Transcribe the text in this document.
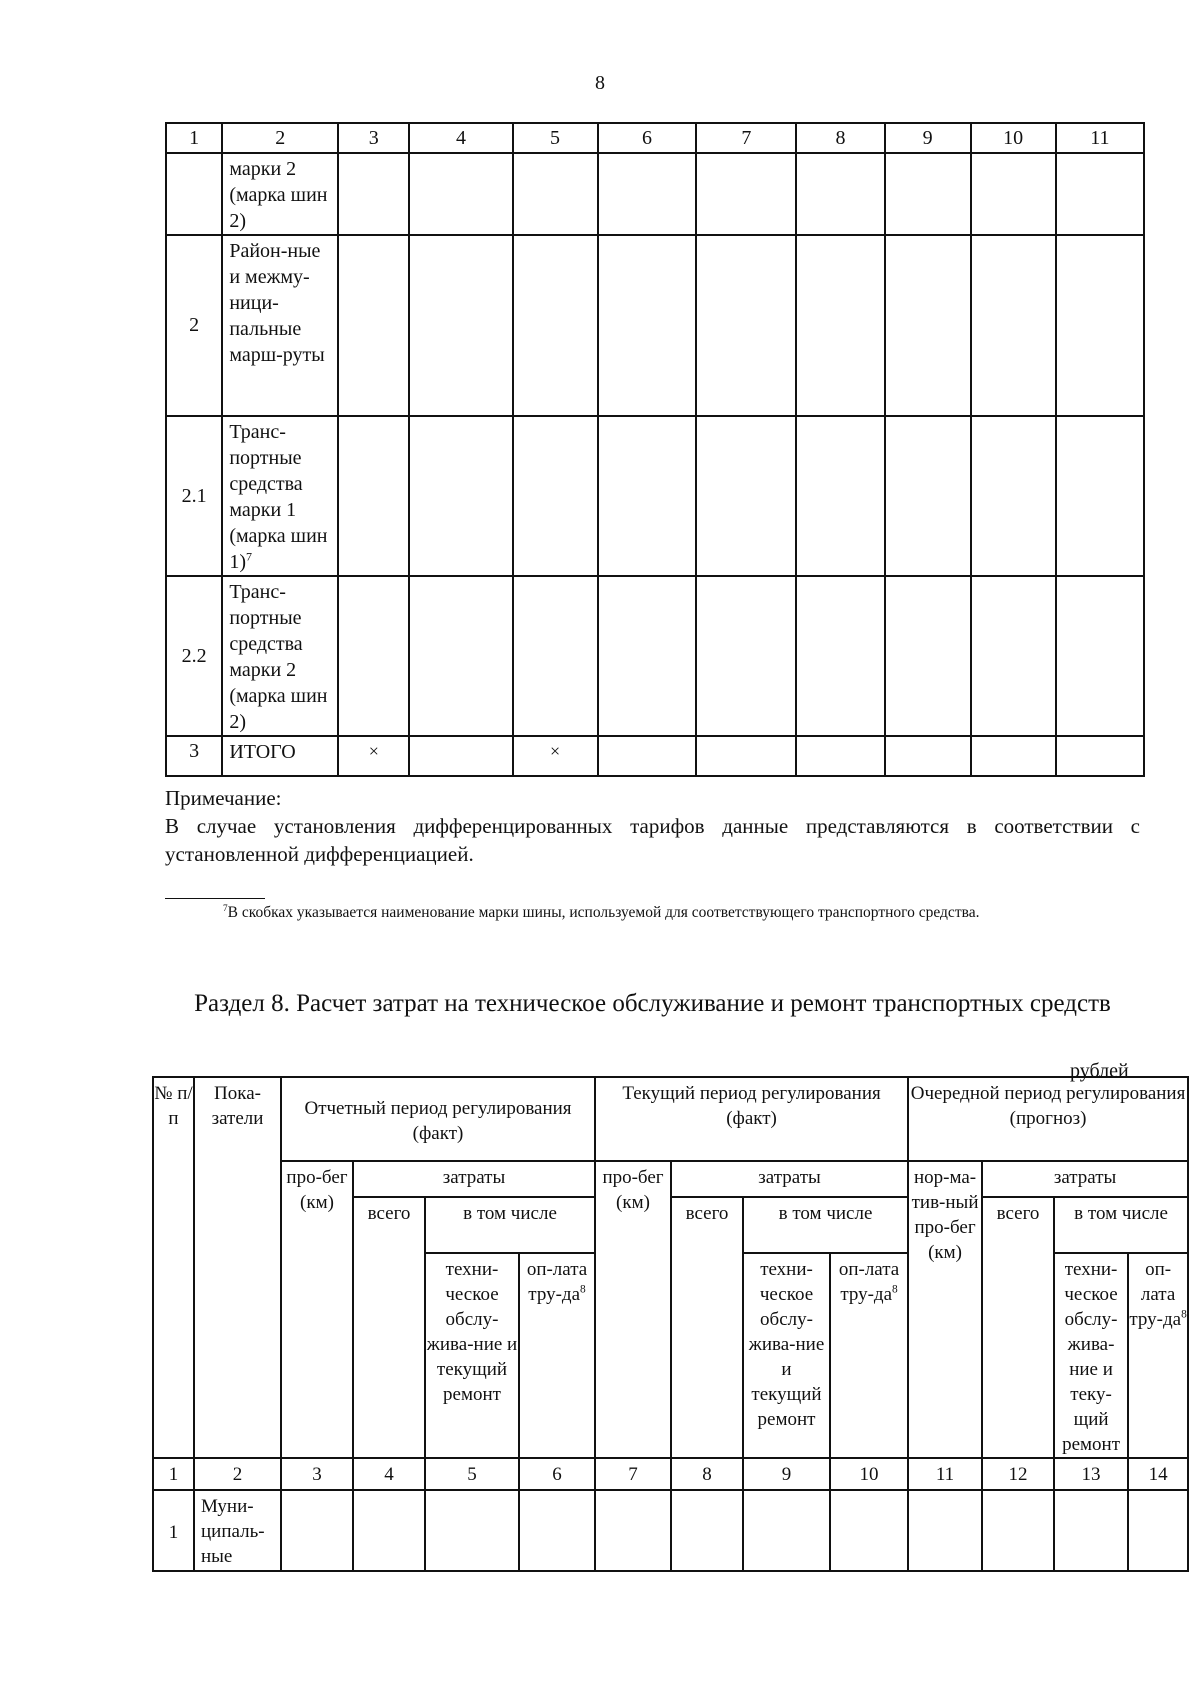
8
1	2	3	4	5	6	7	8	9	10	11
	марки 2 (марка шин 2)									
2	Район-ные и межму-ници-пальные марш-руты									
2.1	Транс-портные средства марки 1 (марка шин 1)$^7$									
2.2	Транс-портные средства марки 2 (марка шин 2)									
3	ИТОГО	×		×						
Примечание:
В случае установления дифференцированных тарифов данные представляются в соответствии с установленной дифференциацией.
$^7$В скобках указывается наименование марки шины, используемой для соответствующего транспортного средства.
Раздел 8. Расчет затрат на техническое обслуживание и ремонт транспортных средств
рублей
№ п/п	Пока-затели	Отчетный период регулирования (факт)				Текущий период регулирования (факт)				Очередной период регулирования (прогноз)			
		про-бег (км)	затраты			про-бег (км)	затраты			нор-ма-тив-ный про-бег (км)	затраты		
			всего	в том числе			всего	в том числе			всего	в том числе	
				техни-ческое обслу-жива-ние и текущий ремонт	оп-лата тру-$да^8$			техни-ческое обслу-жива-ние и текущий ремонт	оп-лата тру-$да^8$			техни-ческое обслу-жива-ние и теку-щий ремонт	оп-лата тру-$да^8$
1	2	3	4	5	6	7	8	9	10	11	12	13	14
1	Муни-ципаль-ные												
